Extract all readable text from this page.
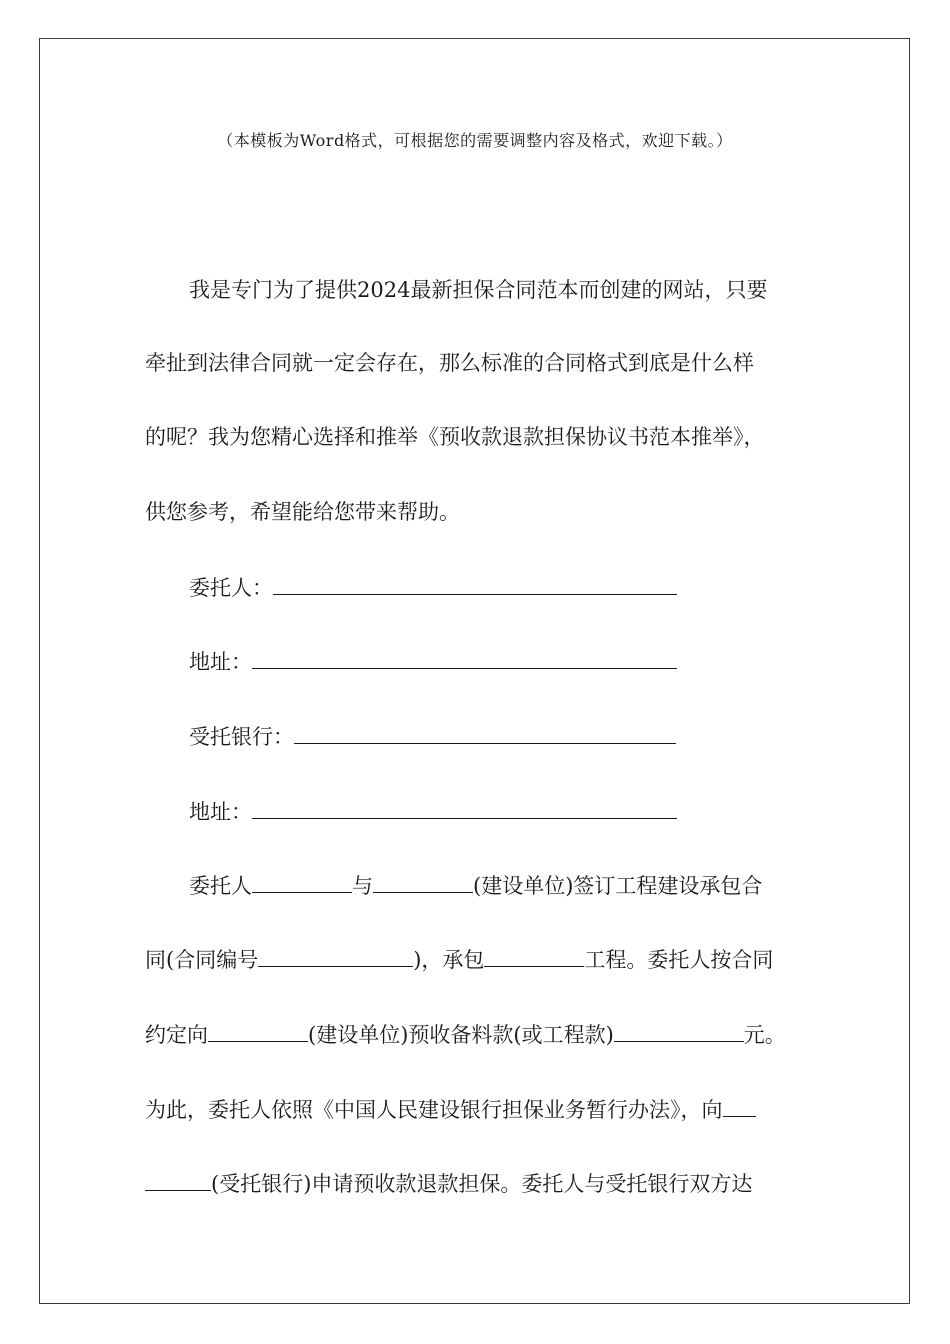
（本模板为Word格式，可根据您的需要调整内容及格式，欢迎下载。）
我是专门为了提供2024最新担保合同范本而创建的网站，只要
牵扯到法律合同就一定会存在，那么标准的合同格式到底是什么样
的呢？我为您精心选择和推举《预收款退款担保协议书范本推举》，
供您参考，希望能给您带来帮助。
委托人：
地址：
受托银行：
地址：
委托人	与	(建设单位)签订工程建设承包合
同(合同编号	)，承包	工程。委托人按合同
约定向	(建设单位)预收备料款(或工程款)	元。
为此，委托人依照《中国人民建设银行担保业务暂行办法》，向
(受托银行)申请预收款退款担保。委托人与受托银行双方达
